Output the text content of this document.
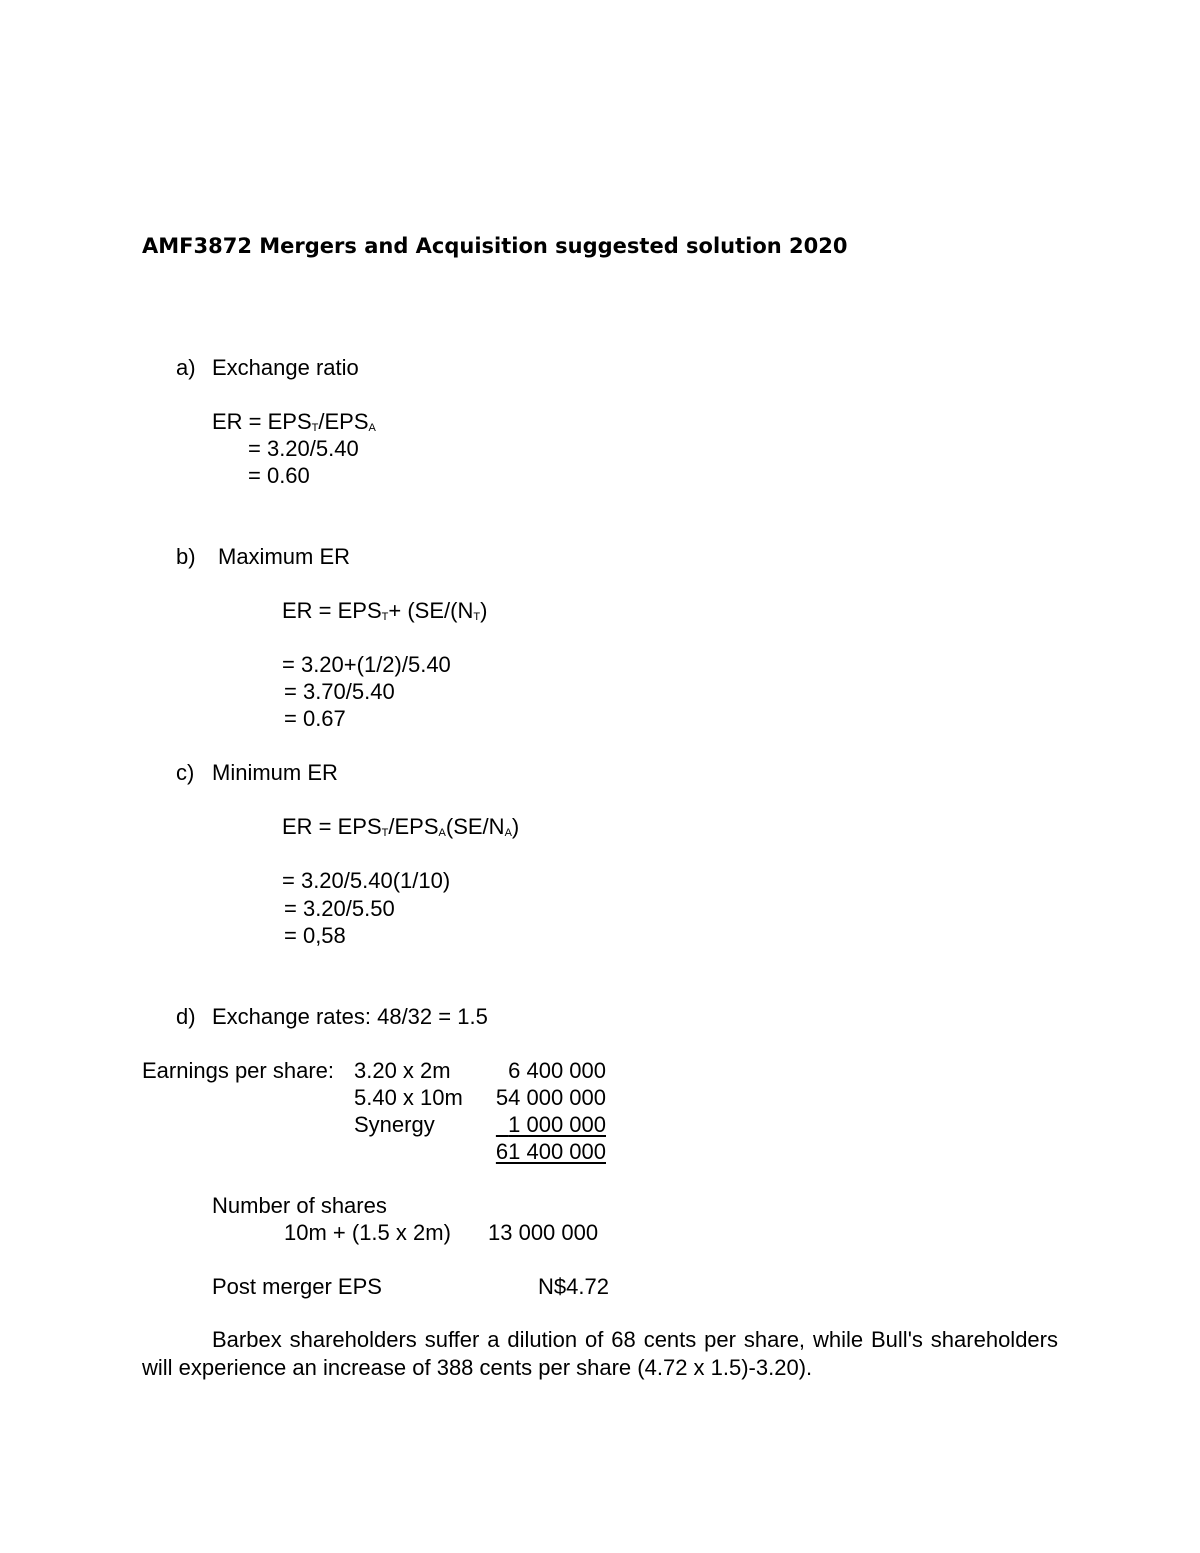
AMF3872 Mergers and Acquisition suggested solution 2020
a) Exchange ratio
ER = $EPS_T/EPS_A$
= 3.20/5.40
= 0.60
b) Maximum ER
ER = $EPS_T+ (SE/(N_T)$
= 3.20+(1/2)/5.40
= 3.70/5.40
= 0.67
c) Minimum ER
ER = $EPS_T/EPS_A(SE/N_A)$
= 3.20/5.40(1/10)
= 3.20/5.50
= 0,58
d) Exchange rates: 48/32 = 1.5
Earnings per share: 3.20 x 2m	6 400 000
5.40 x 10m	54 000 000
Synergy	1 000 000
61 400 000
Number of shares
10m + (1.5 x 2m) 13 000 000
Post merger EPS	N$4.72
Barbex shareholders suffer a dilution of 68 cents per share, while Bull's shareholders will experience an increase of 388 cents per share (4.72 x 1.5)-3.20).
